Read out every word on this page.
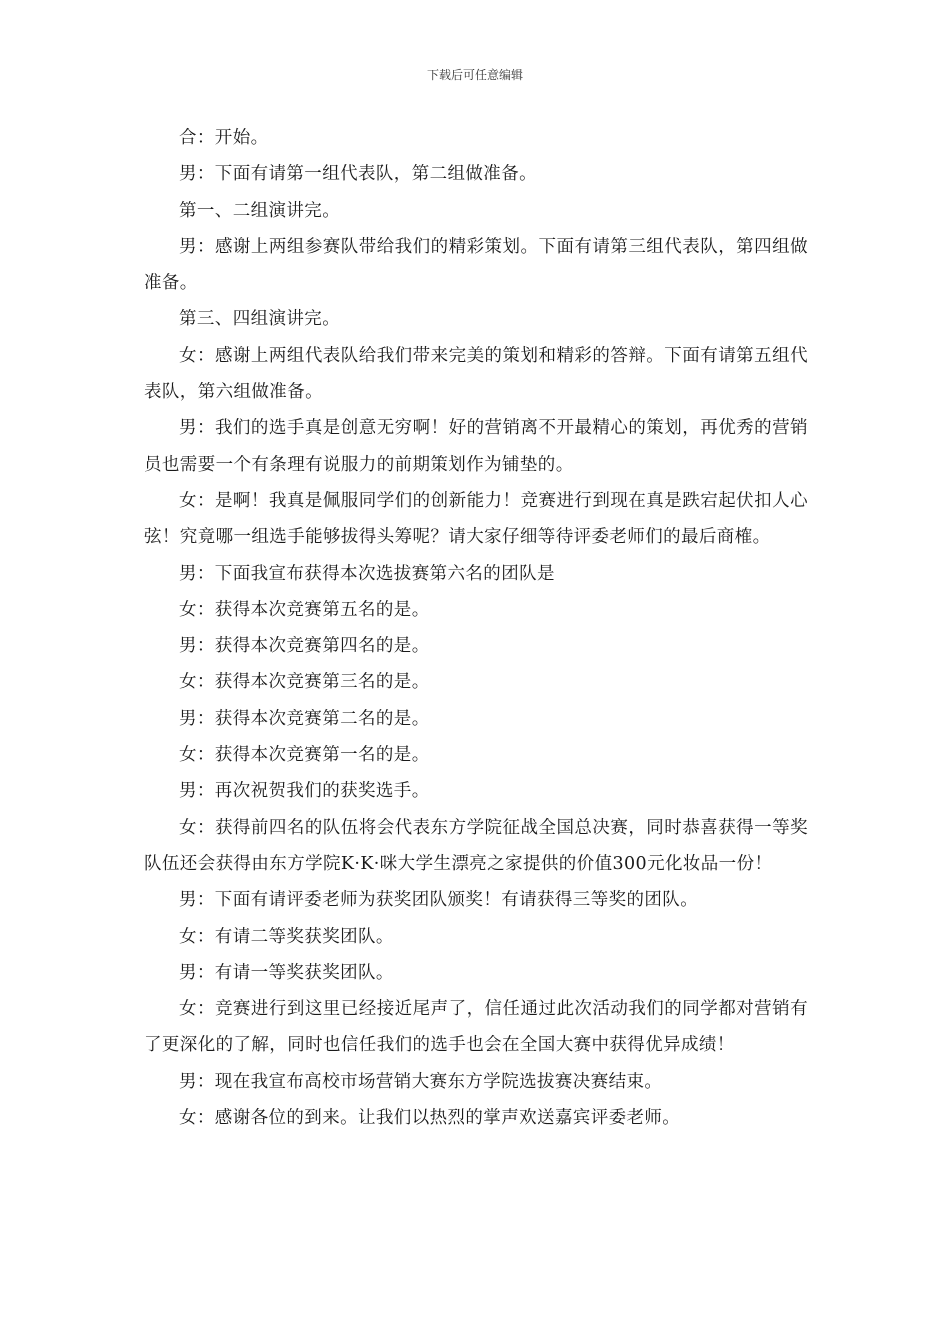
下载后可任意编辑

合：开始。

男：下面有请第一组代表队，第二组做准备。

第一、二组演讲完。

男：感谢上两组参赛队带给我们的精彩策划。下面有请第三组代表队，第四组做准备。

第三、四组演讲完。

女：感谢上两组代表队给我们带来完美的策划和精彩的答辩。下面有请第五组代表队，第六组做准备。

男：我们的选手真是创意无穷啊！好的营销离不开最精心的策划，再优秀的营销员也需要一个有条理有说服力的前期策划作为铺垫的。

女：是啊！我真是佩服同学们的创新能力！竞赛进行到现在真是跌宕起伏扣人心弦！究竟哪一组选手能够拔得头筹呢？请大家仔细等待评委老师们的最后商榷。

男：下面我宣布获得本次选拔赛第六名的团队是

女：获得本次竞赛第五名的是。

男：获得本次竞赛第四名的是。

女：获得本次竞赛第三名的是。

男：获得本次竞赛第二名的是。

女：获得本次竞赛第一名的是。

男：再次祝贺我们的获奖选手。

女：获得前四名的队伍将会代表东方学院征战全国总决赛，同时恭喜获得一等奖队伍还会获得由东方学院K·K·咪大学生漂亮之家提供的价值300元化妆品一份！

男：下面有请评委老师为获奖团队颁奖！有请获得三等奖的团队。

女：有请二等奖获奖团队。

男：有请一等奖获奖团队。

女：竞赛进行到这里已经接近尾声了，信任通过此次活动我们的同学都对营销有了更深化的了解，同时也信任我们的选手也会在全国大赛中获得优异成绩！

男：现在我宣布高校市场营销大赛东方学院选拔赛决赛结束。

女：感谢各位的到来。让我们以热烈的掌声欢送嘉宾评委老师。
